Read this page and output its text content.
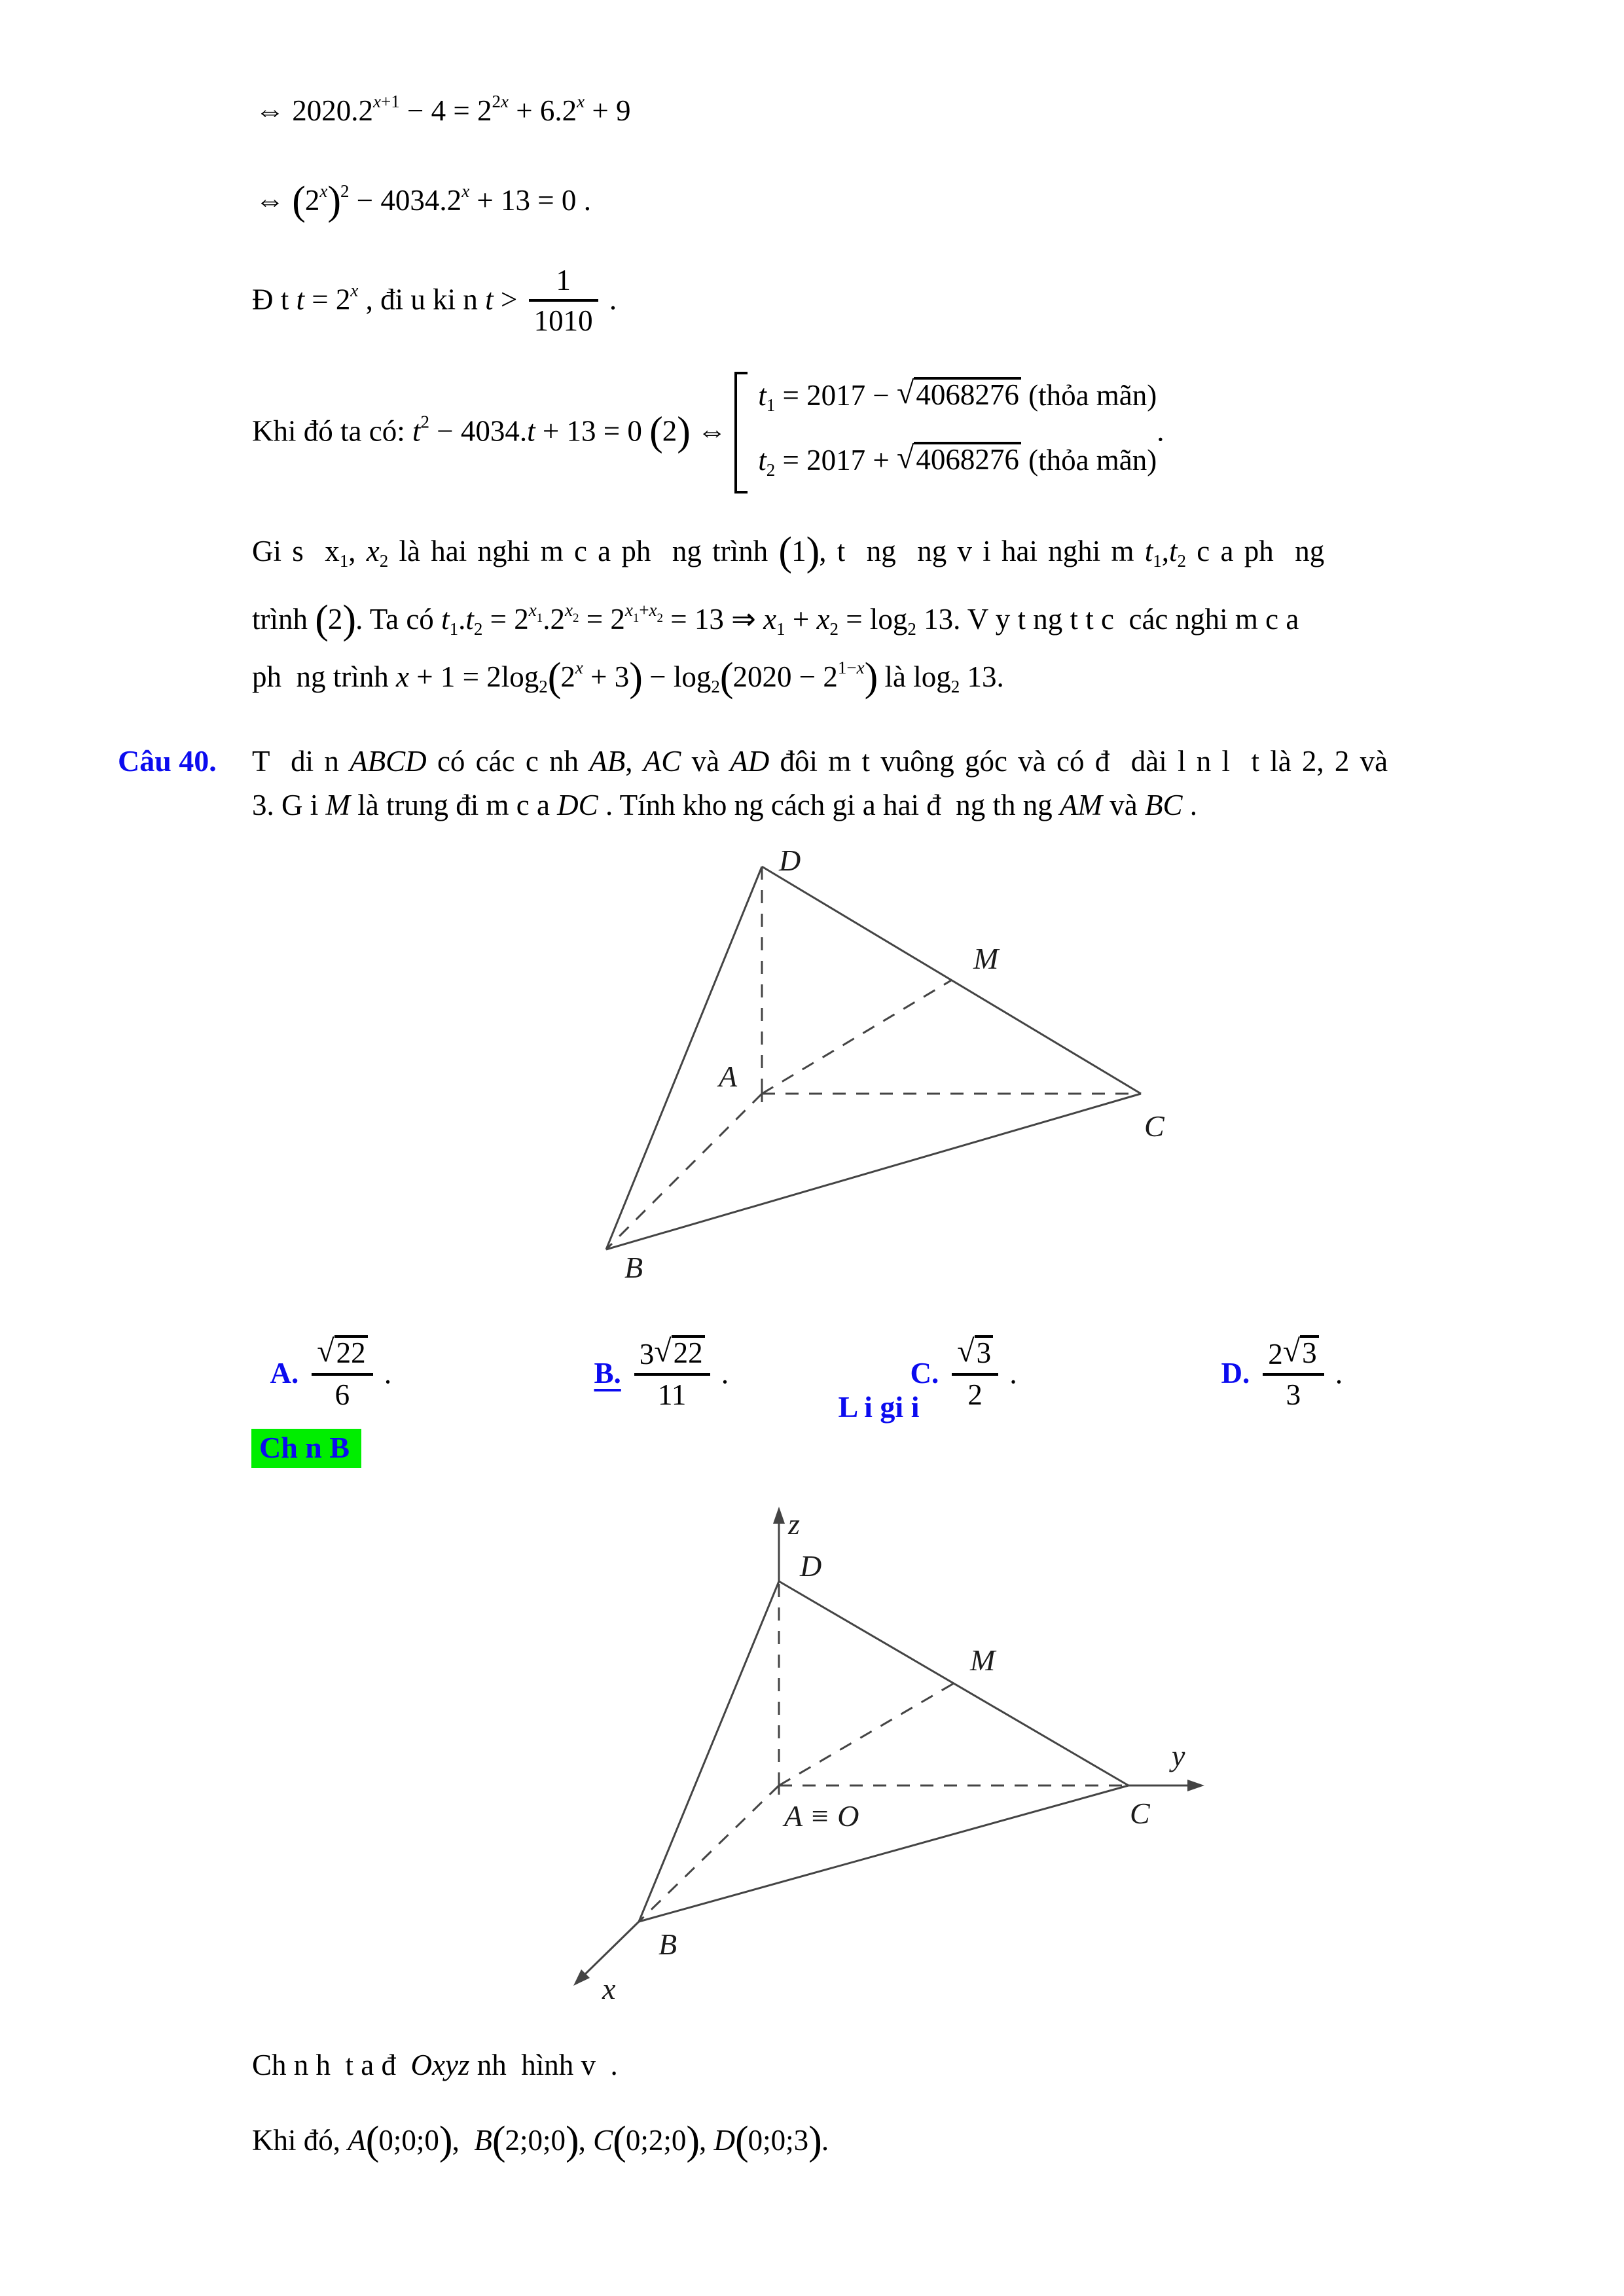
⇔ $2020.2^{x+1} - 4 = 2^{2x} + 6.2^x + 9$
⇔ $(2^x)^2 - 4034.2^x + 13 = 0$ .
Đ t $t = 2^x$ , đi u ki n $t > \frac{1}{1010}$ .
Khi đó ta có: $t^2 - 4034.t + 13 = 0$ (2) ⇔
$t_1 = 2017 - √4068276$ (thỏa mãn)
$t_2 = 2017 + √4068276$ (thỏa mãn)
.
Gi s  $x_1$, $x_2$ là hai nghi m c a ph  ng trình (1), t  ng  ng v i hai nghi m $t_1,t_2$ c a ph  ng
trình (2). Ta có $t_1.t_2 = 2^{x1}.2^{x2} = 2^{x1+x2} = 13$ ⇒ $x_1 + x_2 = \log_2 13$. V y t ng t t c  các nghi m c a
ph  ng trình $x + 1 = 2\log_2(2^x + 3) - \log_2(2020 - 2^{1-x})$ là $\log_2 13$.
Câu 40. T  di n ABCD có các c nh AB, AC và AD đôi m t vuông góc và có đ  dài l n l  t là 2, 2 và
3. G i M là trung đi m c a DC . Tính kho ng cách gi a hai đ  ng th ng AM và BC .
D
M
A
C
B

A. $\frac{√22}{6}$ .	B. $\frac{3√22}{11}$ .	C. $\frac{√3}{2}$ .	D. $\frac{2√3}{3}$ .

L i gi i
Ch n B
z
D
M
y
A ≡ O	C
B
x
Ch n h  t a đ  Oxyz nh  hình v  .
Khi đó, A(0;0;0),  B(2;0;0), C(0;2;0), D(0;0;3).
